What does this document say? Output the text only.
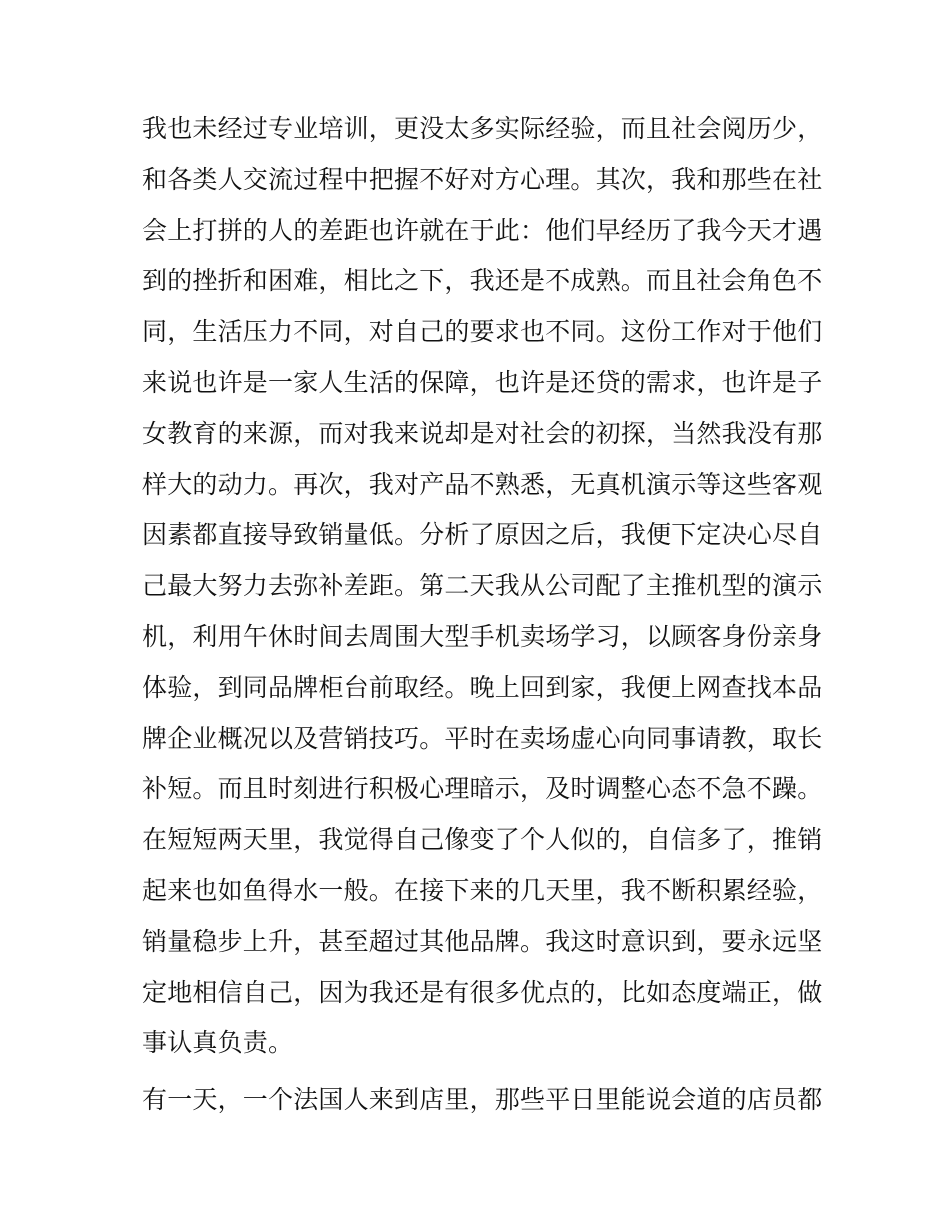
我也未经过专业培训，更没太多实际经验，而且社会阅历少，
和各类人交流过程中把握不好对方心理。其次，我和那些在社
会上打拼的人的差距也许就在于此：他们早经历了我今天才遇
到的挫折和困难，相比之下，我还是不成熟。而且社会角色不
同，生活压力不同，对自己的要求也不同。这份工作对于他们
来说也许是一家人生活的保障，也许是还贷的需求，也许是子
女教育的来源，而对我来说却是对社会的初探，当然我没有那
样大的动力。再次，我对产品不熟悉，无真机演示等这些客观
因素都直接导致销量低。分析了原因之后，我便下定决心尽自
己最大努力去弥补差距。第二天我从公司配了主推机型的演示
机，利用午休时间去周围大型手机卖场学习，以顾客身份亲身
体验，到同品牌柜台前取经。晚上回到家，我便上网查找本品
牌企业概况以及营销技巧。平时在卖场虚心向同事请教，取长
补短。而且时刻进行积极心理暗示，及时调整心态不急不躁。
在短短两天里，我觉得自己像变了个人似的，自信多了，推销
起来也如鱼得水一般。在接下来的几天里，我不断积累经验，
销量稳步上升，甚至超过其他品牌。我这时意识到，要永远坚
定地相信自己，因为我还是有很多优点的，比如态度端正，做
事认真负责。
有一天，一个法国人来到店里，那些平日里能说会道的店员都
